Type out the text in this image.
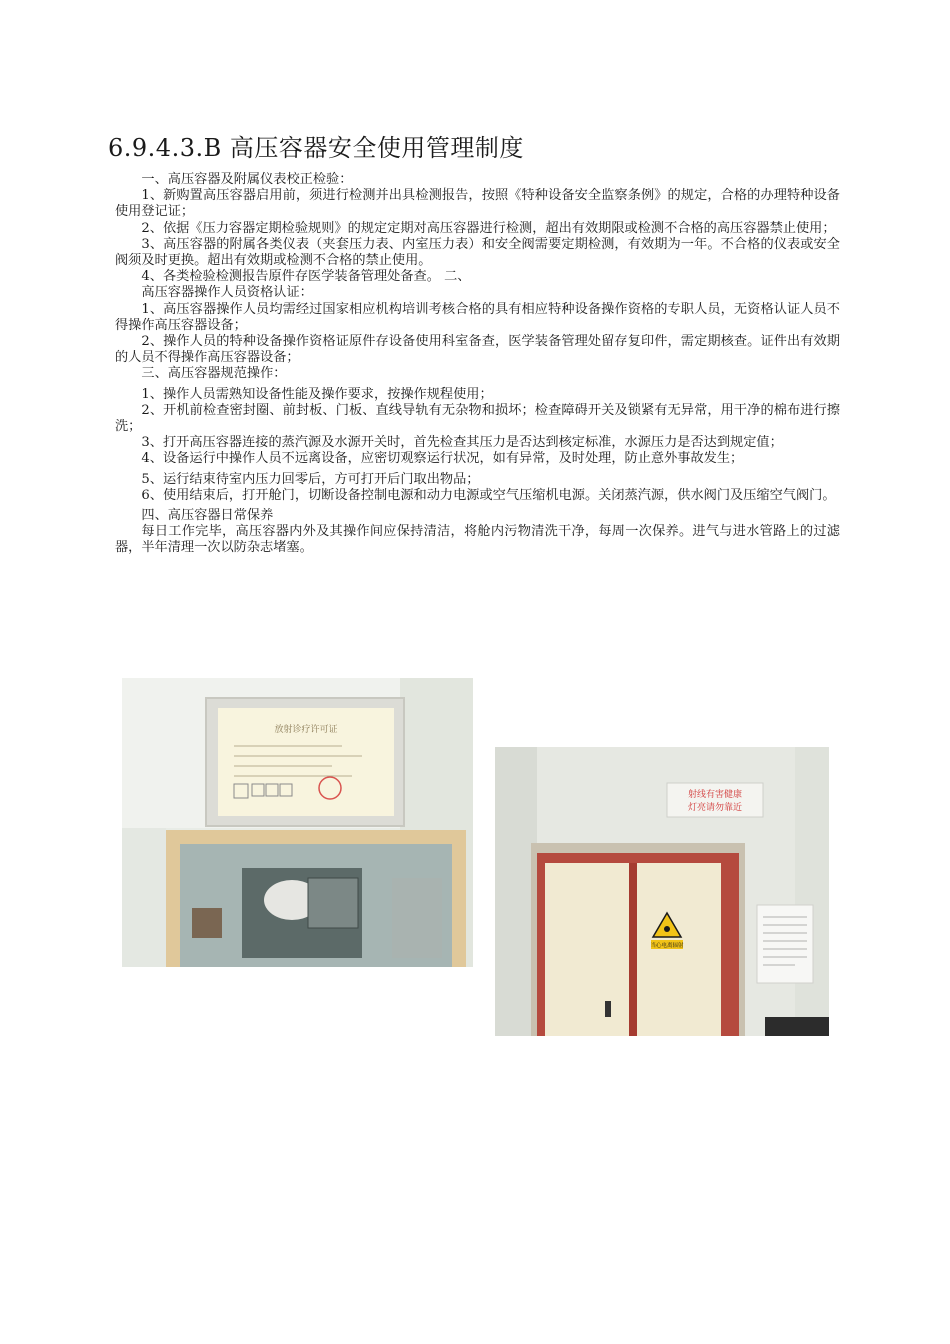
6.9.4.3.B 高压容器安全使用管理制度

一、高压容器及附属仪表校正检验：

1、新购置高压容器启用前，须进行检测并出具检测报告，按照《特种设备安全监察条例》的规定，合格的办理特种设备使用登记证；

2、依据《压力容器定期检验规则》的规定定期对高压容器进行检测，超出有效期限或检测不合格的高压容器禁止使用；

3、高压容器的附属各类仪表（夹套压力表、内室压力表）和安全阀需要定期检测，有效期为一年。不合格的仪表或安全阀须及时更换。超出有效期或检测不合格的禁止使用。

4、各类检验检测报告原件存医学装备管理处备查。 二、

高压容器操作人员资格认证：

1、高压容器操作人员均需经过国家相应机构培训考核合格的具有相应特种设备操作资格的专职人员，无资格认证人员不得操作高压容器设备；

2、操作人员的特种设备操作资格证原件存设备使用科室备查，医学装备管理处留存复印件，需定期核查。证件出有效期的人员不得操作高压容器设备；

三、高压容器规范操作：

1、操作人员需熟知设备性能及操作要求，按操作规程使用；

2、开机前检查密封圈、前封板、门板、直线导轨有无杂物和损坏；检查障碍开关及锁紧有无异常，用干净的棉布进行擦洗；

3、打开高压容器连接的蒸汽源及水源开关时，首先检查其压力是否达到核定标准，水源压力是否达到规定值；

4、设备运行中操作人员不远离设备，应密切观察运行状况，如有异常，及时处理，防止意外事故发生；

5、运行结束待室内压力回零后，方可打开后门取出物品；

6、使用结束后，打开舱门，切断设备控制电源和动力电源或空气压缩机电源。关闭蒸汽源，供水阀门及压缩空气阀门。

四、高压容器日常保养

每日工作完毕，高压容器内外及其操作间应保持清洁，将舱内污物清洗干净，每周一次保养。进气与进水管路上的过滤器，半年清理一次以防杂志堵塞。

放射诊疗许可证
射线有害健康
灯亮请勿靠近
当心电离辐射
